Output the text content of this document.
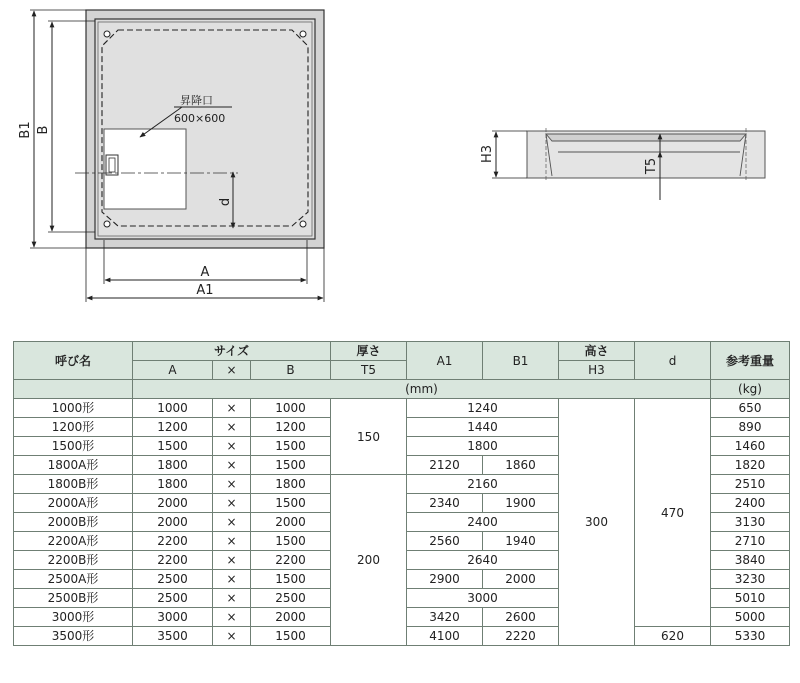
昇降口
600×600
d
B1 B
A
A1
H3
T5
呼び名	サイズ			厚さ	A1	B1	高さ	d	参考重量
	A	×	B	T5			H3		
	(mm)								(kg)
1000形	1000	×	1000	150	1240		300	470	650
1200形	1200	×	1200		1440				890
1500形	1500	×	1500		1800				1460
1800A形	1800	×	1500		2120	1860			1820
1800B形	1800	×	1800	200	2160				2510
2000A形	2000	×	1500		2340	1900			2400
2000B形	2000	×	2000		2400				3130
2200A形	2200	×	1500		2560	1940			2710
2200B形	2200	×	2200		2640				3840
2500A形	2500	×	1500		2900	2000			3230
2500B形	2500	×	2500		3000				5010
3000形	3000	×	2000		3420	2600			5000
3500形	3500	×	1500		4100	2220		620	5330
